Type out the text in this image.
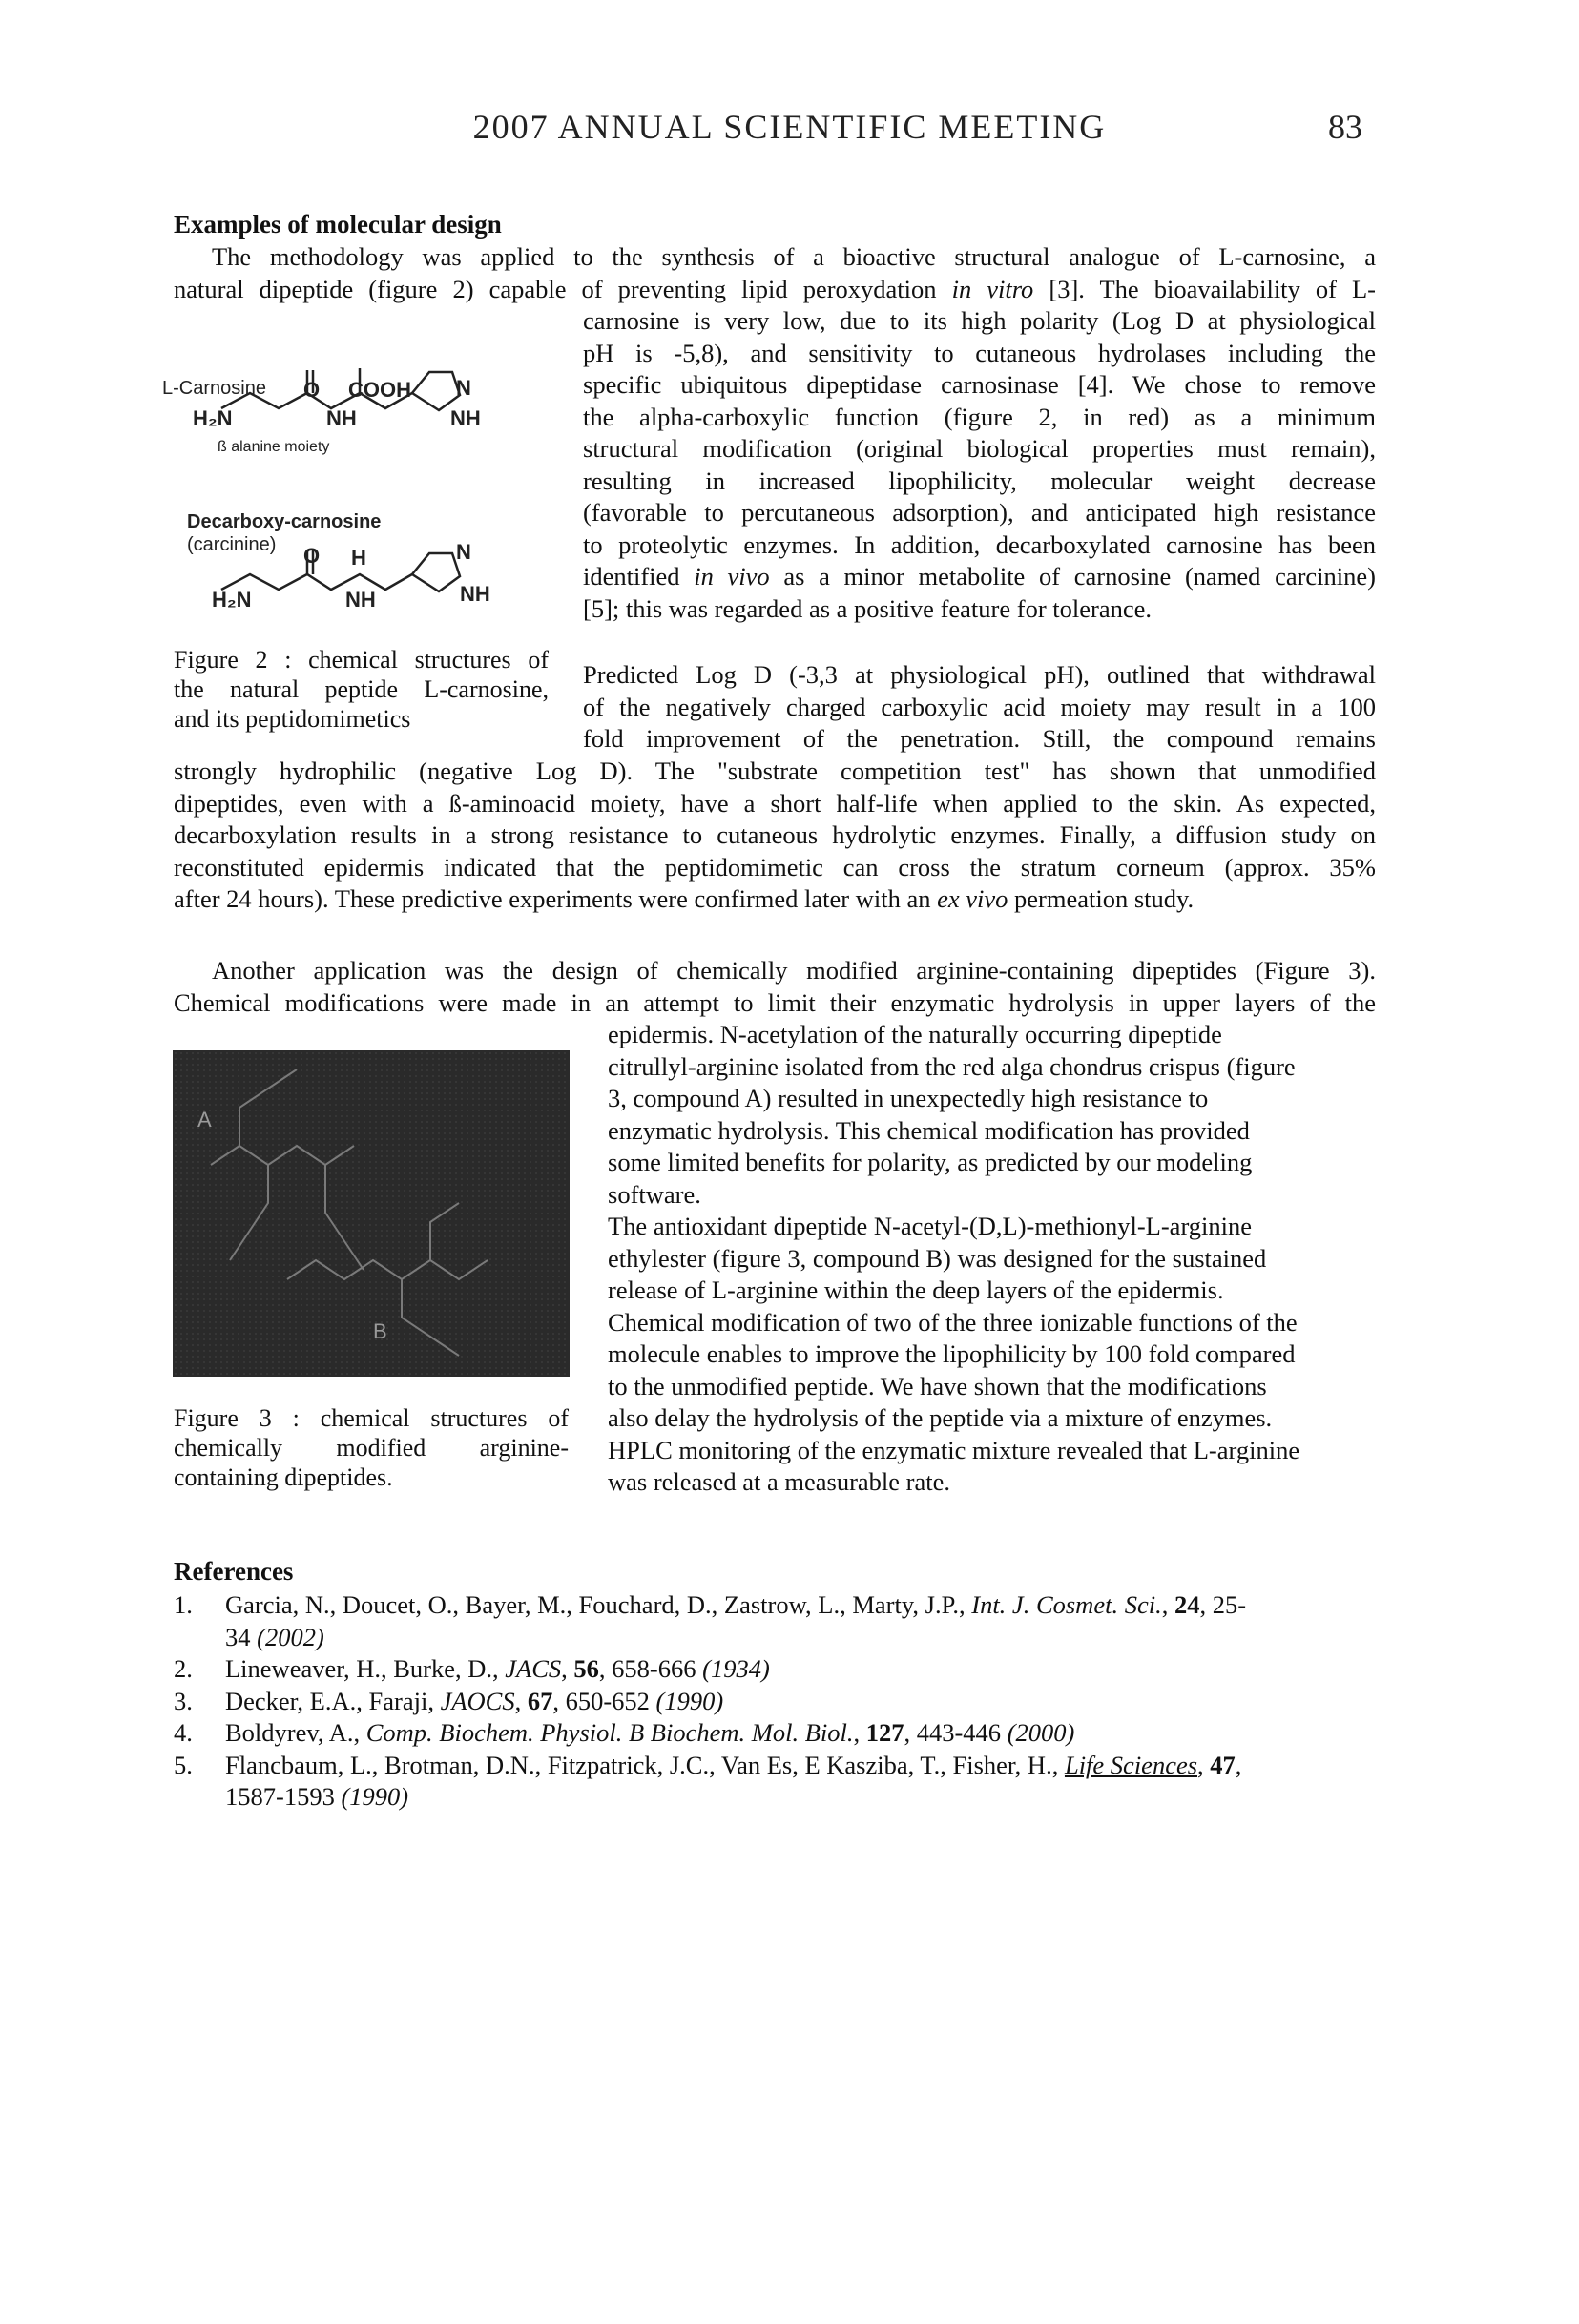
2007 ANNUAL SCIENTIFIC MEETING	83
Examples of molecular design

The methodology was applied to the synthesis of a bioactive structural analogue of L-carnosine, a

natural dipeptide (figure 2) capable of preventing lipid peroxydation in vitro [3]. The bioavailability of L-

carnosine is very low, due to its high polarity (Log D at physiological

pH is -5,8), and sensitivity to cutaneous hydrolases including the

specific ubiquitous dipeptidase carnosinase [4]. We chose to remove

the alpha-carboxylic function (figure 2, in red) as a minimum

structural modification (original biological properties must remain),

resulting in increased lipophilicity, molecular weight decrease

(favorable to percutaneous adsorption), and anticipated high resistance

to proteolytic enzymes. In addition, decarboxylated carnosine has been

identified in vivo as a minor metabolite of carnosine (named carcinine)

[5]; this was regarded as a positive feature for tolerance.

Predicted Log D (-3,3 at physiological pH), outlined that withdrawal

of the negatively charged carboxylic acid moiety may result in a 100

fold improvement of the penetration. Still, the compound remains

strongly hydrophilic (negative Log D). The "substrate competition test" has shown that unmodified

dipeptides, even with a ß-aminoacid moiety, have a short half-life when applied to the skin. As expected,

decarboxylation results in a strong resistance to cutaneous hydrolytic enzymes. Finally, a diffusion study on

reconstituted epidermis indicated that the peptidomimetic can cross the stratum corneum (approx. 35%

after 24 hours). These predictive experiments were confirmed later with an ex vivo permeation study.

L-Carnosine O COOH N
H₂N	NH	NH
ß alanine moiety
Decarboxy-carnosine
(carcinine) O H	N
H₂N	NH	NH

Figure 2 : chemical structures of

the natural peptide L-carnosine,

and its peptidomimetics

Another application was the design of chemically modified arginine-containing dipeptides (Figure 3).

Chemical modifications were made in an attempt to limit their enzymatic hydrolysis in upper layers of the

epidermis. N-acetylation of the naturally occurring dipeptide

citrullyl-arginine isolated from the red alga chondrus crispus (figure

3, compound A) resulted in unexpectedly high resistance to

enzymatic hydrolysis. This chemical modification has provided

some limited benefits for polarity, as predicted by our modeling

software.

The antioxidant dipeptide N-acetyl-(D,L)-methionyl-L-arginine

ethylester (figure 3, compound B) was designed for the sustained

release of L-arginine within the deep layers of the epidermis.

Chemical modification of two of the three ionizable functions of the

molecule enables to improve the lipophilicity by 100 fold compared

to the unmodified peptide. We have shown that the modifications

also delay the hydrolysis of the peptide via a mixture of enzymes.

HPLC monitoring of the enzymatic mixture revealed that L-arginine

was released at a measurable rate.

A
B

Figure 3 : chemical structures of

chemically modified arginine-

containing dipeptides.

References
1. Garcia, N., Doucet, O., Bayer, M., Fouchard, D., Zastrow, L., Marty, J.P., Int. J. Cosmet. Sci., 24, 25-
34 (2002)
2. Lineweaver, H., Burke, D., JACS, 56, 658-666 (1934)
3. Decker, E.A., Faraji, JAOCS, 67, 650-652 (1990)
4. Boldyrev, A., Comp. Biochem. Physiol. B Biochem. Mol. Biol., 127, 443-446 (2000)
5. Flancbaum, L., Brotman, D.N., Fitzpatrick, J.C., Van Es, E Kasziba, T., Fisher, H., Life Sciences, 47,
1587-1593 (1990)
